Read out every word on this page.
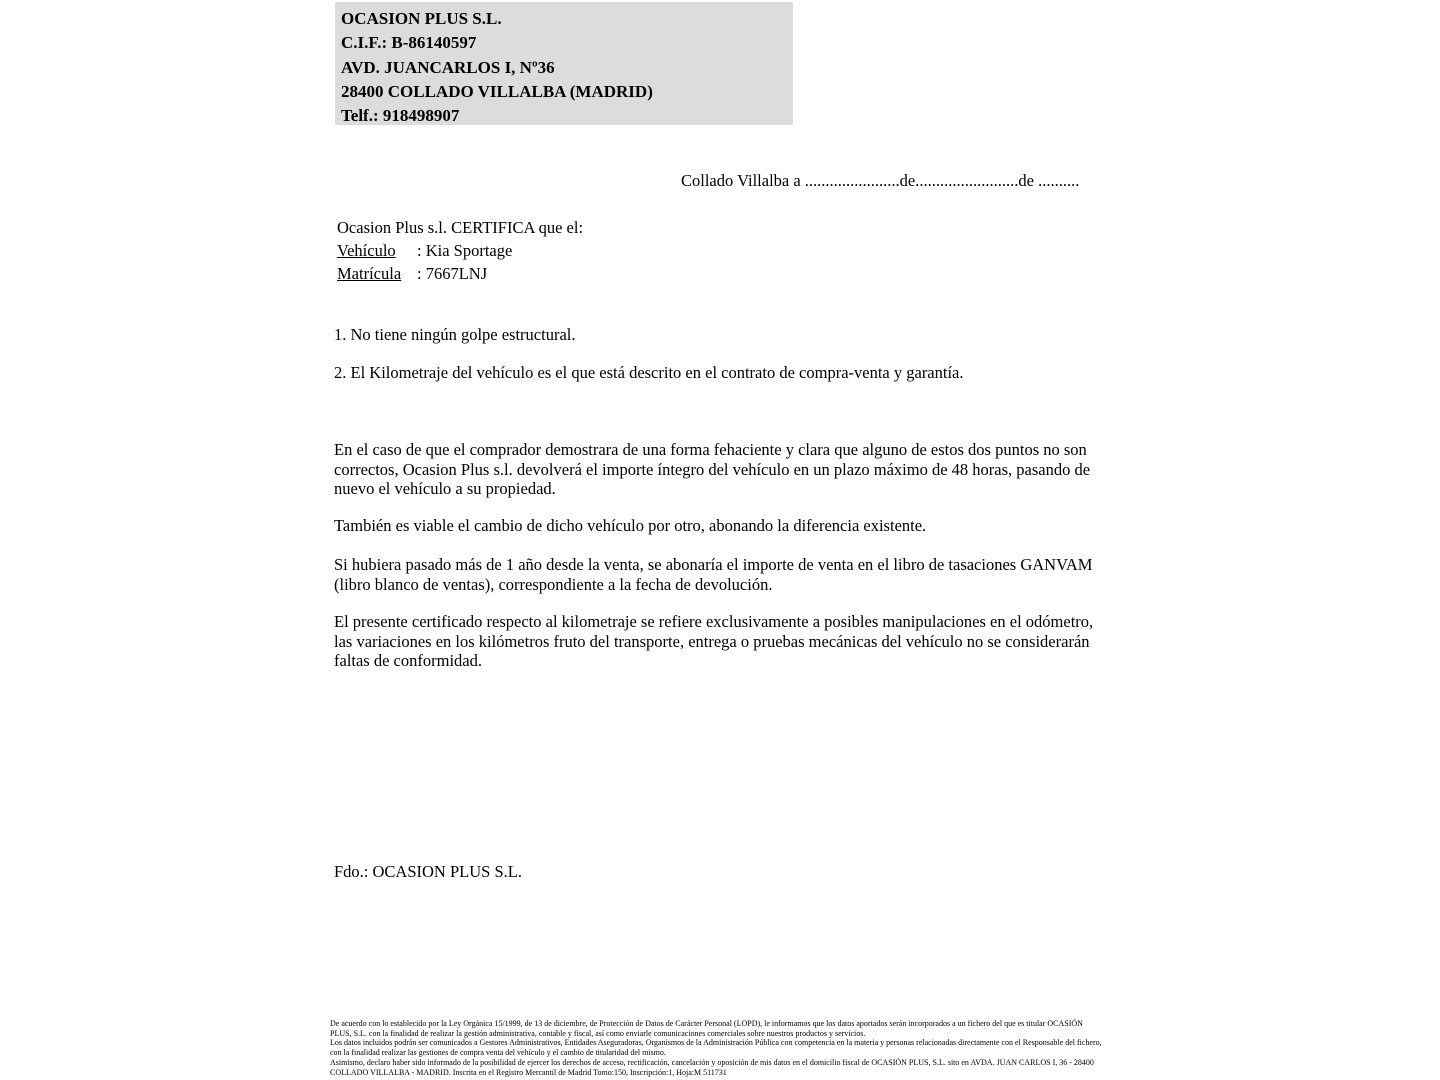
OCASION PLUS S.L.
C.I.F.: B-86140597
AVD. JUANCARLOS I, Nº36
28400 COLLADO VILLALBA (MADRID)
Telf.: 918498907
Collado Villalba a .......................de.........................de ..........
Ocasion Plus s.l. CERTIFICA que el:
Vehículo : Kia Sportage
Matrícula : 7667LNJ
1. No tiene ningún golpe estructural.
2. El Kilometraje del vehículo es el que está descrito en el contrato de compra-venta y garantía.
En el caso de que el comprador demostrara de una forma fehaciente y clara que alguno de estos dos puntos no son correctos, Ocasion Plus s.l. devolverá el importe íntegro del vehículo en un plazo máximo de 48 horas, pasando de nuevo el vehículo a su propiedad.
También es viable el cambio de dicho vehículo por otro, abonando la diferencia existente.
Si hubiera pasado más de 1 año desde la venta, se abonaría el importe de venta en el libro de tasaciones GANVAM (libro blanco de ventas), correspondiente a la fecha de devolución.
El presente certificado respecto al kilometraje se refiere exclusivamente a posibles manipulaciones en el odómetro, las variaciones en los kilómetros fruto del transporte, entrega o pruebas mecánicas del vehículo no se considerarán faltas de conformidad.
Fdo.: OCASION PLUS S.L.

De acuerdo con lo establecido por la Ley Orgánica 15/1999, de 13 de diciembre, de Protección de Datos de Carácter Personal (LOPD), le informamos que los datos aportados serán incorporados a un fichero del que es titular OCASIÓN PLUS, S.L. con la finalidad de realizar la gestión administrativa, contable y fiscal, así como enviarle comunicaciones comerciales sobre nuestros productos y servicios.

Los datos incluidos podrán ser comunicados a Gestores Administrativos, Entidades Aseguradoras, Organismos de la Administración Pública con competencia en la materia y personas relacionadas directamente con el Responsable del fichero, con la finalidad realizar las gestiones de compra venta del vehículo y el cambio de titularidad del mismo.

Asimismo, declaro haber sido informado de la posibilidad de ejercer los derechos de acceso, rectificación, cancelación y oposición de mis datos en el domicilio fiscal de OCASIÓN PLUS, S.L. sito en AVDA. JUAN CARLOS I, 36 - 28400 COLLADO VILLALBA - MADRID. Inscrita en el Registro Mercantil de Madrid Tomo:150, Inscripción:1, Hoja:M 511731
